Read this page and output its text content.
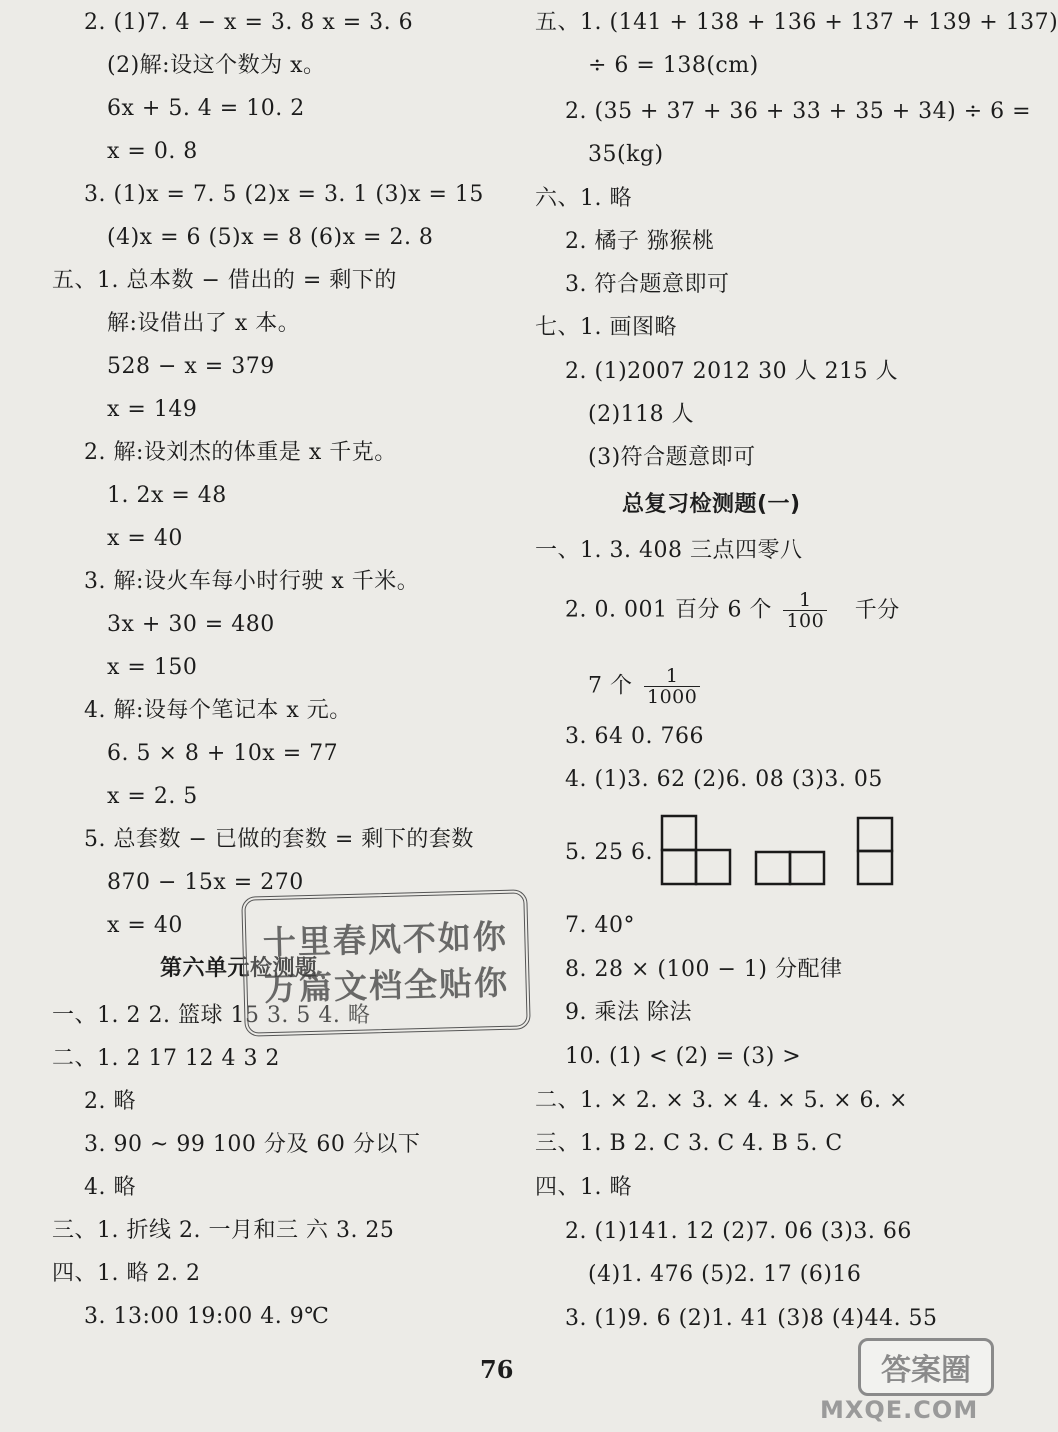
2. (1)7. 4 − x = 3. 8 x = 3. 6
(2)解:设这个数为 x。
6x + 5. 4 = 10. 2
x = 0. 8
3. (1)x = 7. 5 (2)x = 3. 1 (3)x = 15
(4)x = 6 (5)x = 8 (6)x = 2. 8
五、1. 总本数 − 借出的 = 剩下的
解:设借出了 x 本。
528 − x = 379
x = 149
2. 解:设刘杰的体重是 x 千克。
1. 2x = 48
x = 40
3. 解:设火车每小时行驶 x 千米。
3x + 30 = 480
x = 150
4. 解:设每个笔记本 x 元。
6. 5 × 8 + 10x = 77
x = 2. 5
5. 总套数 − 已做的套数 = 剩下的套数
870 − 15x = 270
x = 40
第六单元检测题
一、1. 2 2. 篮球 15 3. 5 4. 略
二、1. 2 17 12 4 3 2
2. 略
3. 90 ~ 99 100 分及 60 分以下
4. 略
三、1. 折线 2. 一月和三 六 3. 25
四、1. 略 2. 2
3. 13:00 19:00 4. 9℃
十里春风不如你
万篇文档全贴你
五、1. (141 + 138 + 136 + 137 + 139 + 137)
÷ 6 = 138(cm)
2. (35 + 37 + 36 + 33 + 35 + 34) ÷ 6 =
35(kg)
六、1. 略
2. 橘子 猕猴桃
3. 符合题意即可
七、1. 画图略
2. (1)2007 2012 30 人 215 人
(2)118 人
(3)符合题意即可
总复习检测题(一)
一、1. 3. 408 三点四零八
2. 0. 001 百分 6 个 $\frac{1}{100}$ 千分
7 个 $\frac{1}{1000}$
3. 64 0. 766
4. (1)3. 62 (2)6. 08 (3)3. 05
5. 25 6.
7. 40°
8. 28 × (100 − 1) 分配律
9. 乘法 除法
10. (1) < (2) = (3) >
二、1. × 2. × 3. × 4. × 5. × 6. ×
三、1. B 2. C 3. C 4. B 5. C
四、1. 略
2. (1)141. 12 (2)7. 06 (3)3. 66
(4)1. 476 (5)2. 17 (6)16
3. (1)9. 6 (2)1. 41 (3)8 (4)44. 55
76	答案圈
MXQE.COM
